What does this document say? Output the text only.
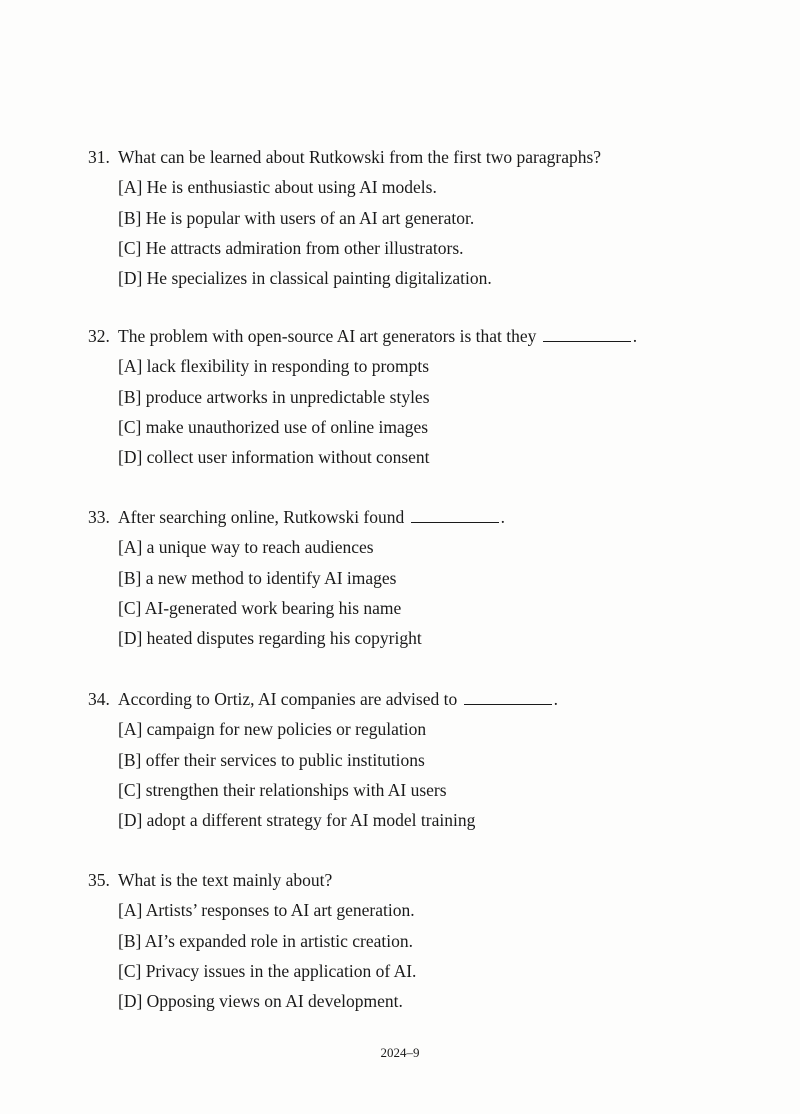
31. What can be learned about Rutkowski from the first two paragraphs?
[A] He is enthusiastic about using AI models.
[B] He is popular with users of an AI art generator.
[C] He attracts admiration from other illustrators.
[D] He specializes in classical painting digitalization.
32. The problem with open-source AI art generators is that they	.
[A] lack flexibility in responding to prompts
[B] produce artworks in unpredictable styles
[C] make unauthorized use of online images
[D] collect user information without consent
33. After searching online, Rutkowski found	.
[A] a unique way to reach audiences
[B] a new method to identify AI images
[C] AI-generated work bearing his name
[D] heated disputes regarding his copyright
34. According to Ortiz, AI companies are advised to	.
[A] campaign for new policies or regulation
[B] offer their services to public institutions
[C] strengthen their relationships with AI users
[D] adopt a different strategy for AI model training
35. What is the text mainly about?
[A] Artists’ responses to AI art generation.
[B] AI’s expanded role in artistic creation.
[C] Privacy issues in the application of AI.
[D] Opposing views on AI development.
2024–9
